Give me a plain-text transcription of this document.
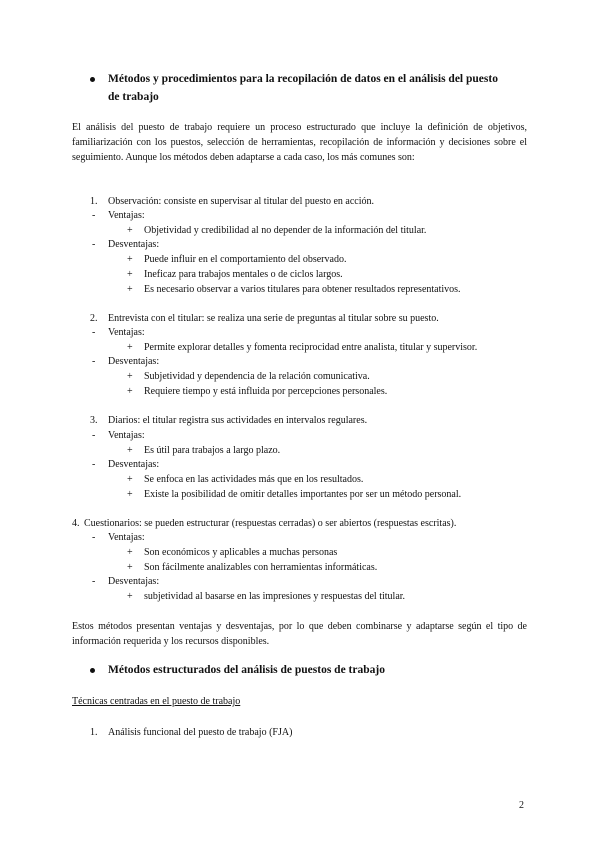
Métodos y procedimientos para la recopilación de datos en el análisis del puesto
de trabajo
El análisis del puesto de trabajo requiere un proceso estructurado que incluye la definición de objetivos, familiarización con los puestos, selección de herramientas, recopilación de información y decisiones sobre el seguimiento. Aunque los métodos deben adaptarse a cada caso, los más comunes son:
1. Observación: consiste en supervisar al titular del puesto en acción.
- Ventajas:
+ Objetividad y credibilidad al no depender de la información del titular.
- Desventajas:
+ Puede influir en el comportamiento del observado.
+ Ineficaz para trabajos mentales o de ciclos largos.
+ Es necesario observar a varios titulares para obtener resultados representativos.
2. Entrevista con el titular: se realiza una serie de preguntas al titular sobre su puesto.
- Ventajas:
+ Permite explorar detalles y fomenta reciprocidad entre analista, titular y supervisor.
- Desventajas:
+ Subjetividad y dependencia de la relación comunicativa.
+ Requiere tiempo y está influida por percepciones personales.
3. Diarios: el titular registra sus actividades en intervalos regulares.
- Ventajas:
+ Es útil para trabajos a largo plazo.
- Desventajas:
+ Se enfoca en las actividades más que en los resultados.
+ Existe la posibilidad de omitir detalles importantes por ser un método personal.
4. Cuestionarios: se pueden estructurar (respuestas cerradas) o ser abiertos (respuestas escritas).
- Ventajas:
+ Son económicos y aplicables a muchas personas
+ Son fácilmente analizables con herramientas informáticas.
- Desventajas:
+ subjetividad al basarse en las impresiones y respuestas del titular.
Estos métodos presentan ventajas y desventajas, por lo que deben combinarse y adaptarse según el tipo de información requerida y los recursos disponibles.
Métodos estructurados del análisis de puestos de trabajo
Técnicas centradas en el puesto de trabajo
1. Análisis funcional del puesto de trabajo (FJA)
2
